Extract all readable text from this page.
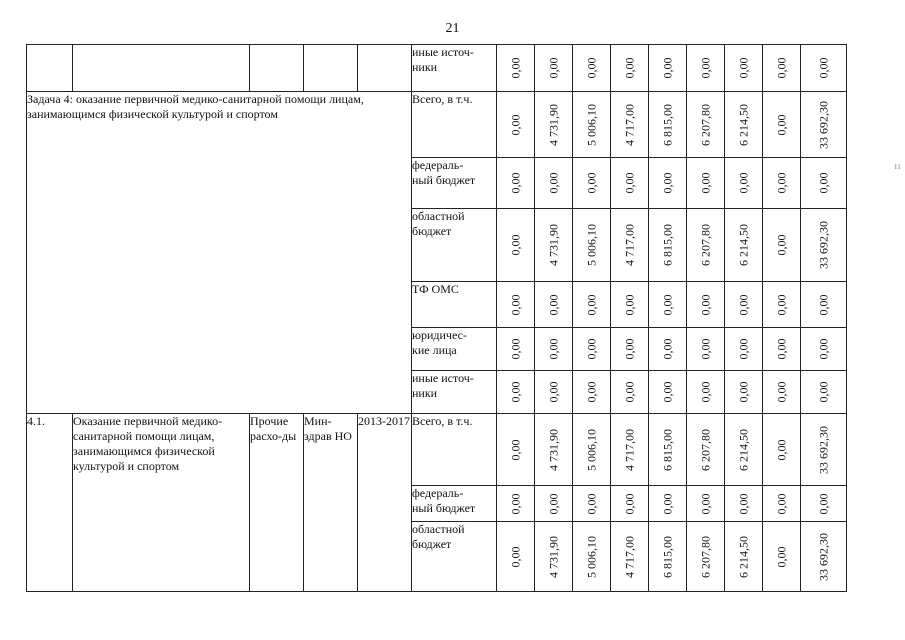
21
					иные источ-
ники	0,00	0,00	0,00	0,00	0,00	0,00	0,00	0,00	0,00

Задача 4: оказание первичной медико-санитарной помощи лицам, занимающимся физической культурой и спортом					Всего, в т.ч.	0,00	4 731,90	5 006,10	4 717,00	6 815,00	6 207,80	6 214,50	0,00	33 692,30

					федераль-
ный бюджет	0,00	0,00	0,00	0,00	0,00	0,00	0,00	0,00	0,00

					областной
бюджет	0,00	4 731,90	5 006,10	4 717,00	6 815,00	6 207,80	6 214,50	0,00	33 692,30

					ТФ ОМС	0,00	0,00	0,00	0,00	0,00	0,00	0,00	0,00	0,00

					юридичес-
кие лица	0,00	0,00	0,00	0,00	0,00	0,00	0,00	0,00	0,00

					иные источ-
ники	0,00	0,00	0,00	0,00	0,00	0,00	0,00	0,00	0,00

4.1.	Оказание первичной медико-санитарной помощи лицам, занимающимся физической культурой и спортом	Прочие расхо-ды	Мин-здрав НО	2013-2017	Всего, в т.ч.	0,00	4 731,90	5 006,10	4 717,00	6 815,00	6 207,80	6 214,50	0,00	33 692,30

					федераль-
ный бюджет	0,00	0,00	0,00	0,00	0,00	0,00	0,00	0,00	0,00

					областной
бюджет	0,00	4 731,90	5 006,10	4 717,00	6 815,00	6 207,80	6 214,50	0,00	33 692,30
11
